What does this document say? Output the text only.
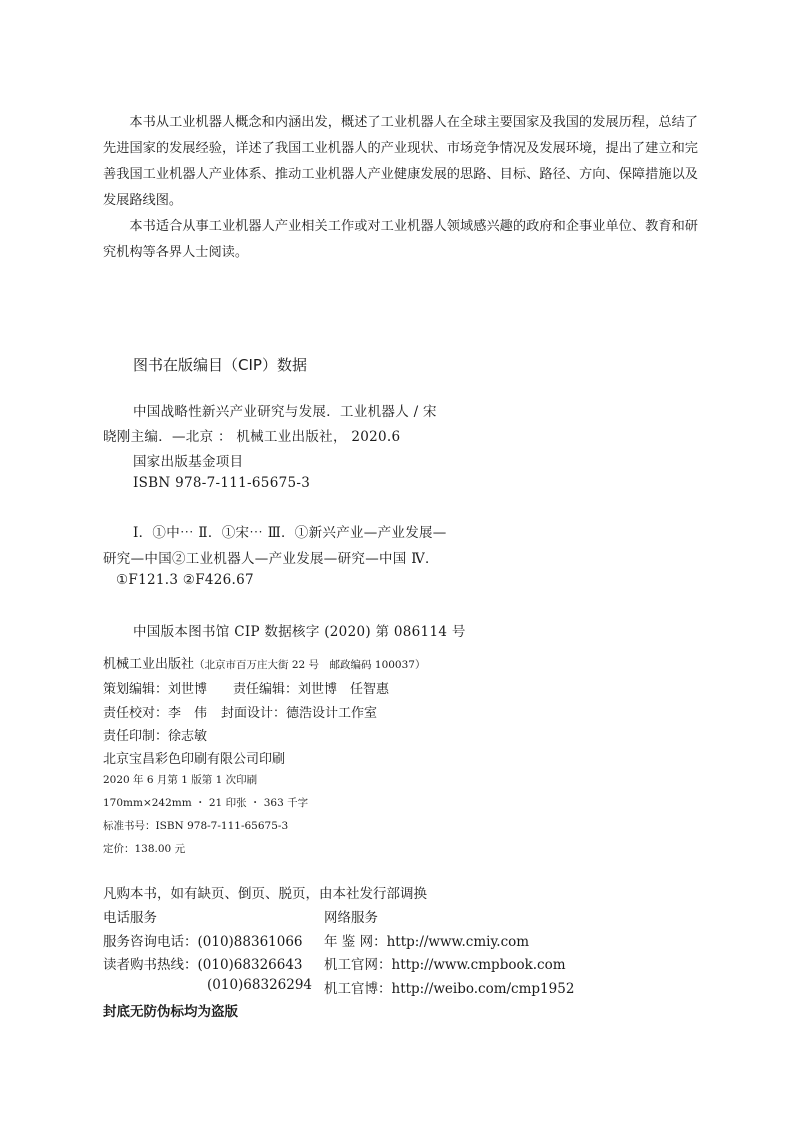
本书从工业机器人概念和内涵出发，概述了工业机器人在全球主要国家及我国的发展历程，总结了先进国家的发展经验，详述了我国工业机器人的产业现状、市场竞争情况及发展环境，提出了建立和完善我国工业机器人产业体系、推动工业机器人产业健康发展的思路、目标、路径、方向、保障措施以及发展路线图。

本书适合从事工业机器人产业相关工作或对工业机器人领域感兴趣的政府和企事业单位、教育和研究机构等各界人士阅读。

图书在版编目（CIP）数据
中国战略性新兴产业研究与发展．工业机器人 / 宋
晓刚主编．—北京 ： 机械工业出版社， 2020.6
国家出版基金项目
ISBN 978-7-111-65675-3
Ⅰ．①中⋯ Ⅱ．①宋⋯ Ⅲ．①新兴产业—产业发展—
研究—中国②工业机器人—产业发展—研究—中国 Ⅳ．
①F121.3 ②F426.67
中国版本图书馆 CIP 数据核字 (2020) 第 086114 号
机械工业出版社（北京市百万庄大街 22 号　邮政编码 100037）
策划编辑：刘世博 责任编辑：刘世博　任智惠
责任校对：李　伟 封面设计：德浩设计工作室
责任印制：徐志敏
北京宝昌彩色印刷有限公司印刷
2020 年 6 月第 1 版第 1 次印刷
170mm×242mm ・ 21 印张 ・ 363 千字
标准书号：ISBN 978-7-111-65675-3
定价：138.00 元
凡购本书，如有缺页、倒页、脱页，由本社发行部调换
电话服务	网络服务
服务咨询电话：(010)88361066 年 鉴 网：http://www.cmiy.com
读者购书热线：(010)68326643 机工官网：http://www.cmpbook.com
(010)68326294 机工官博：http://weibo.com/cmp1952
封底无防伪标均为盗版
